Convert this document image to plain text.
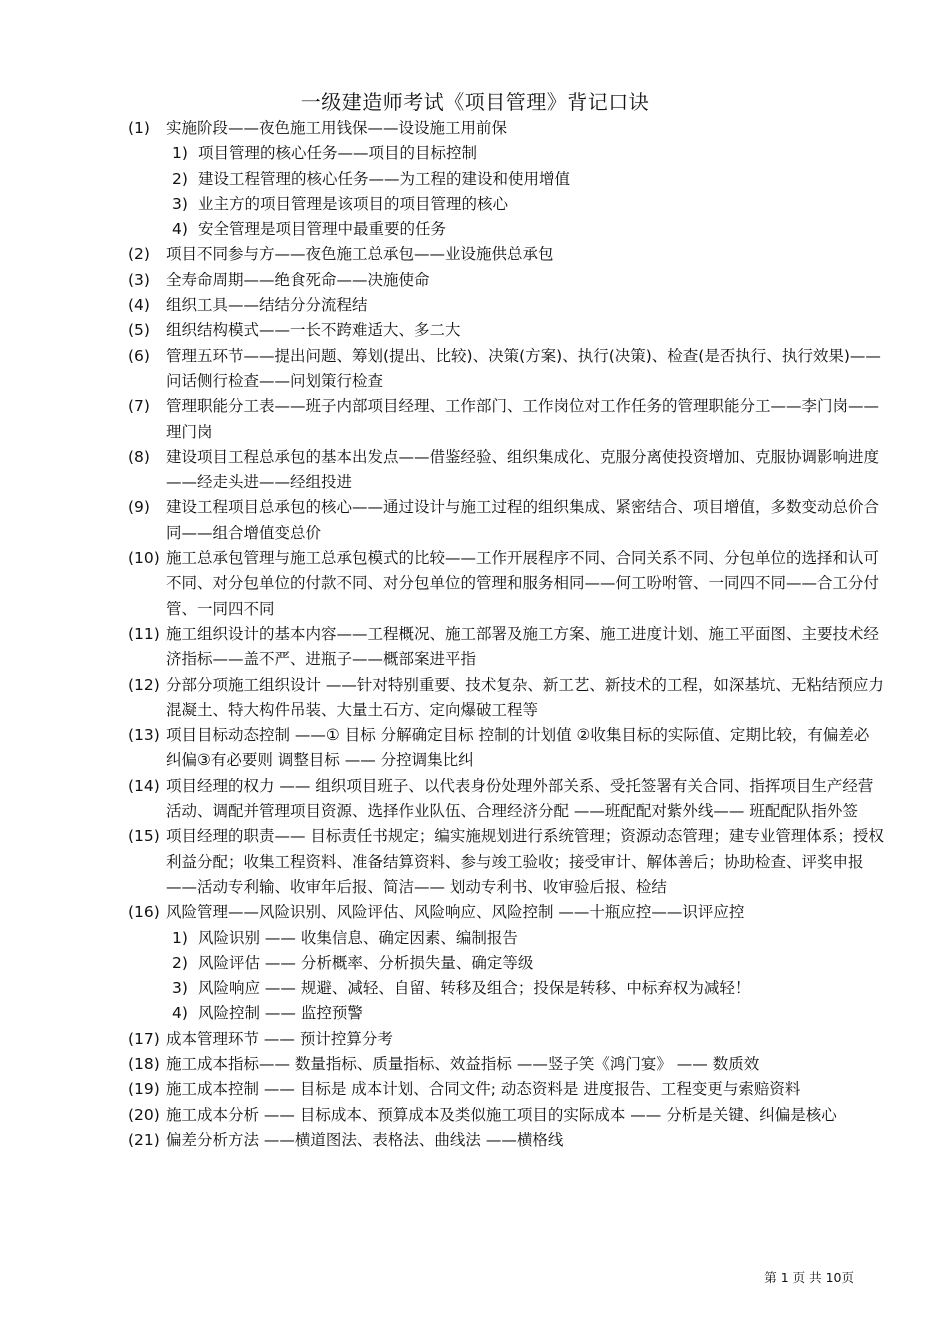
一级建造师考试《项目管理》背记口诀
(1) 实施阶段——夜色施工用钱保——设设施工用前保
1) 项目管理的核心任务——项目的目标控制
2) 建设工程管理的核心任务——为工程的建设和使用增值
3) 业主方的项目管理是该项目的项目管理的核心
4) 安全管理是项目管理中最重要的任务
(2) 项目不同参与方——夜色施工总承包——业设施供总承包
(3) 全寿命周期——绝食死命——决施使命
(4) 组织工具——结结分分流程结
(5) 组织结构模式——一长不跨难适大、多二大
(6) 管理五环节——提出问题、筹划(提出、比较)、决策(方案)、执行(决策)、检查(是否执行、执行效果)——问话侧行检查——问划策行检查
(7) 管理职能分工表——班子内部项目经理、工作部门、工作岗位对工作任务的管理职能分工——李门岗——理门岗
(8) 建设项目工程总承包的基本出发点——借鉴经验、组织集成化、克服分离使投资增加、克服协调影响进度——经走头进——经组投进
(9) 建设工程项目总承包的核心——通过设计与施工过程的组织集成、紧密结合、项目增值，多数变动总价合同——组合增值变总价
(10) 施工总承包管理与施工总承包模式的比较——工作开展程序不同、合同关系不同、分包单位的选择和认可不同、对分包单位的付款不同、对分包单位的管理和服务相同——何工吩咐管、一同四不同——合工分付管、一同四不同
(11) 施工组织设计的基本内容——工程概况、施工部署及施工方案、施工进度计划、施工平面图、主要技术经济指标——盖不严、进瓶子——概部案进平指
(12) 分部分项施工组织设计 ——针对特别重要、技术复杂、新工艺、新技术的工程，如深基坑、无粘结预应力混凝土、特大构件吊装、大量土石方、定向爆破工程等
(13) 项目目标动态控制 ——① 目标 分解确定目标 控制的计划值 ②收集目标的实际值、定期比较，有偏差必 纠偏③有必要则 调整目标 —— 分控调集比纠
(14) 项目经理的权力 —— 组织项目班子、以代表身份处理外部关系、受托签署有关合同、指挥项目生产经营活动、调配并管理项目资源、选择作业队伍、合理经济分配 ——班配配对紫外线—— 班配配队指外签
(15) 项目经理的职责—— 目标责任书规定；编实施规划进行系统管理；资源动态管理；建专业管理体系；授权利益分配；收集工程资料、准备结算资料、参与竣工验收；接受审计、解体善后；协助检查、评奖申报——活动专利输、收审年后报、简洁—— 划动专利书、收审验后报、检结
(16) 风险管理——风险识别、风险评估、风险响应、风险控制 ——十瓶应控——识评应控
1) 风险识别 —— 收集信息、确定因素、编制报告
2) 风险评估 —— 分析概率、分析损失量、确定等级
3) 风险响应 —— 规避、减轻、自留、转移及组合；投保是转移、中标弃权为减轻！
4) 风险控制 —— 监控预警
(17) 成本管理环节 —— 预计控算分考
(18) 施工成本指标—— 数量指标、质量指标、效益指标 ——竖子笑《鸿门宴》 —— 数质效
(19) 施工成本控制 —— 目标是 成本计划、合同文件; 动态资料是 进度报告、工程变更与索赔资料
(20) 施工成本分析 —— 目标成本、预算成本及类似施工项目的实际成本 —— 分析是关键、纠偏是核心
(21) 偏差分析方法 ——横道图法、表格法、曲线法 ——横格线
第 1 页 共 10页
